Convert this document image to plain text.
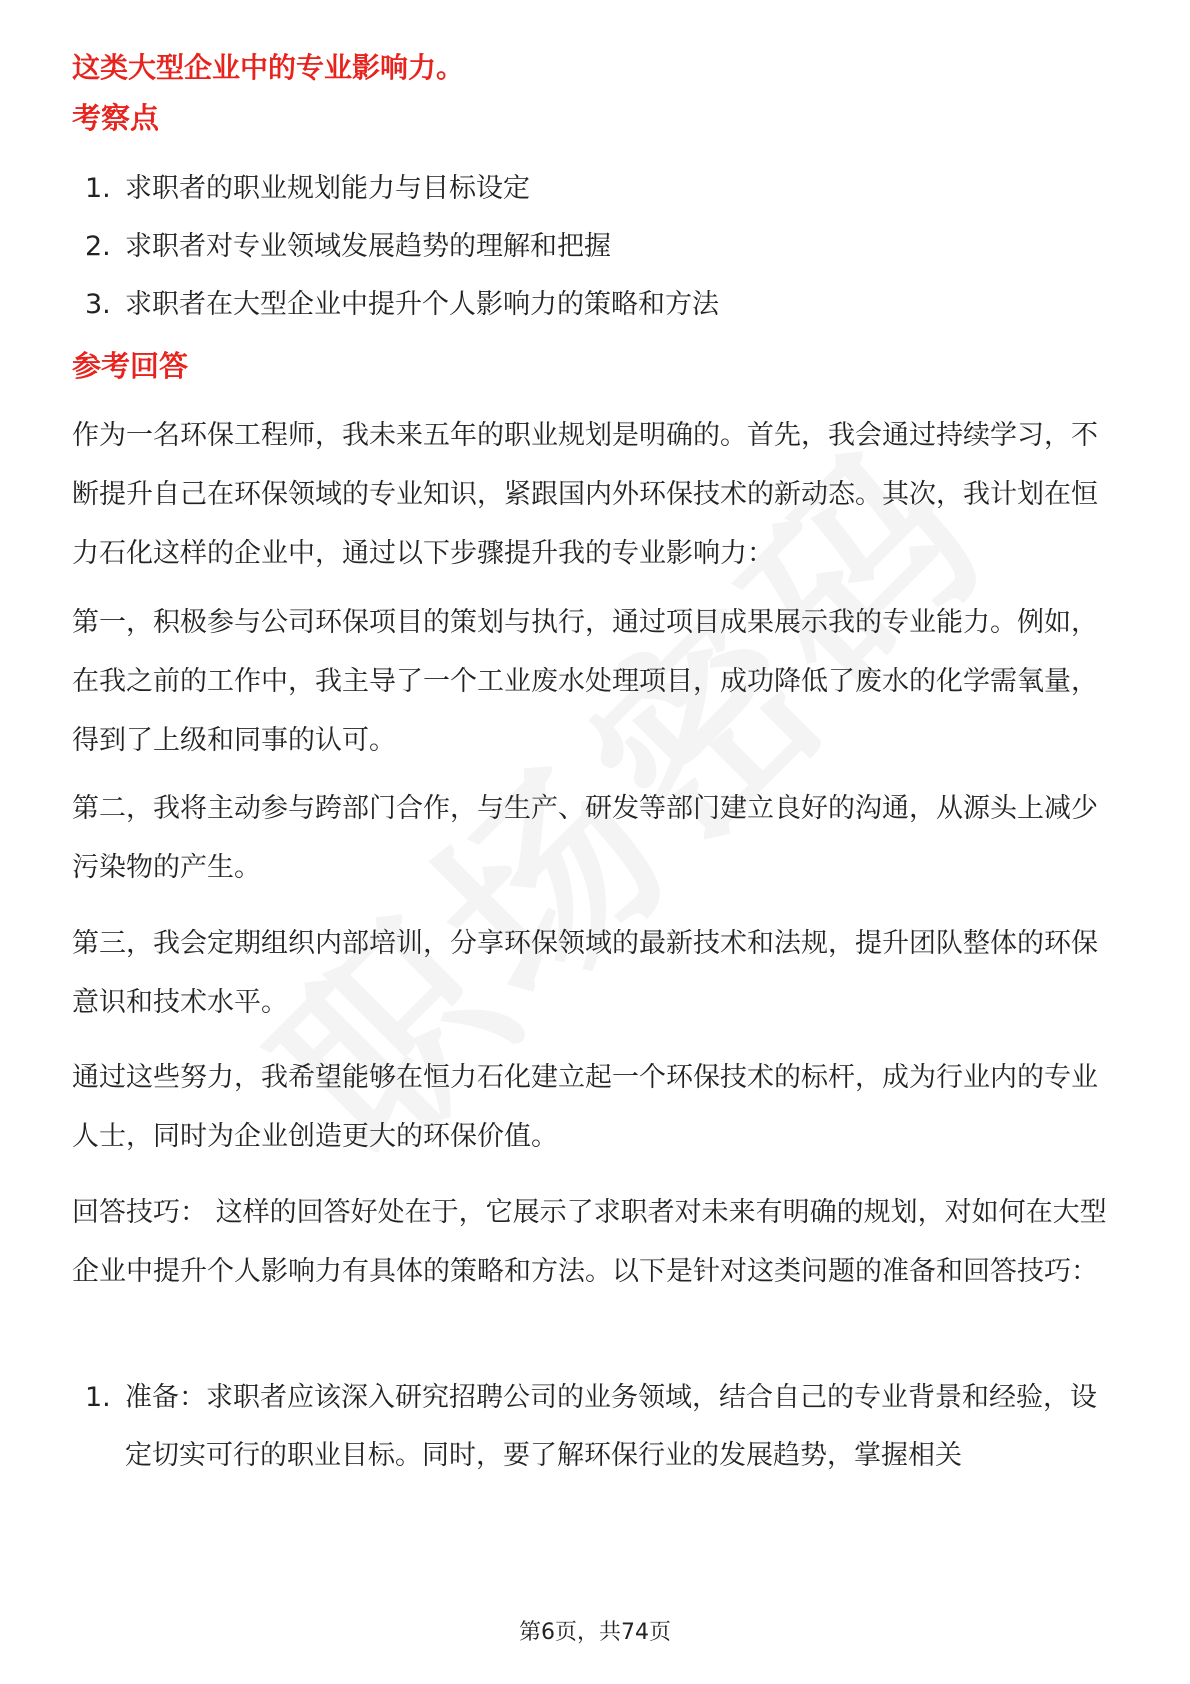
这类大型企业中的专业影响力。
考察点
1. 求职者的职业规划能力与目标设定
2. 求职者对专业领域发展趋势的理解和把握
3. 求职者在大型企业中提升个人影响力的策略和方法
参考回答

作为一名环保工程师，我未来五年的职业规划是明确的。首先，我会通过持续学习，不断提升自己在环保领域的专业知识，紧跟国内外环保技术的新动态。其次，我计划在恒力石化这样的企业中，通过以下步骤提升我的专业影响力：

第一，积极参与公司环保项目的策划与执行，通过项目成果展示我的专业能力。例如，在我之前的工作中，我主导了一个工业废水处理项目，成功降低了废水的化学需氧量，得到了上级和同事的认可。

第二，我将主动参与跨部门合作，与生产、研发等部门建立良好的沟通，从源头上减少污染物的产生。

第三，我会定期组织内部培训，分享环保领域的最新技术和法规，提升团队整体的环保意识和技术水平。

通过这些努力，我希望能够在恒力石化建立起一个环保技术的标杆，成为行业内的专业人士，同时为企业创造更大的环保价值。

回答技巧： 这样的回答好处在于，它展示了求职者对未来有明确的规划，对如何在大型企业中提升个人影响力有具体的策略和方法。以下是针对这类问题的准备和回答技巧：

1. 准备：求职者应该深入研究招聘公司的业务领域，结合自己的专业背景和经验，设定切实可行的职业目标。同时，要了解环保行业的发展趋势，掌握相关
第6页，共74页
